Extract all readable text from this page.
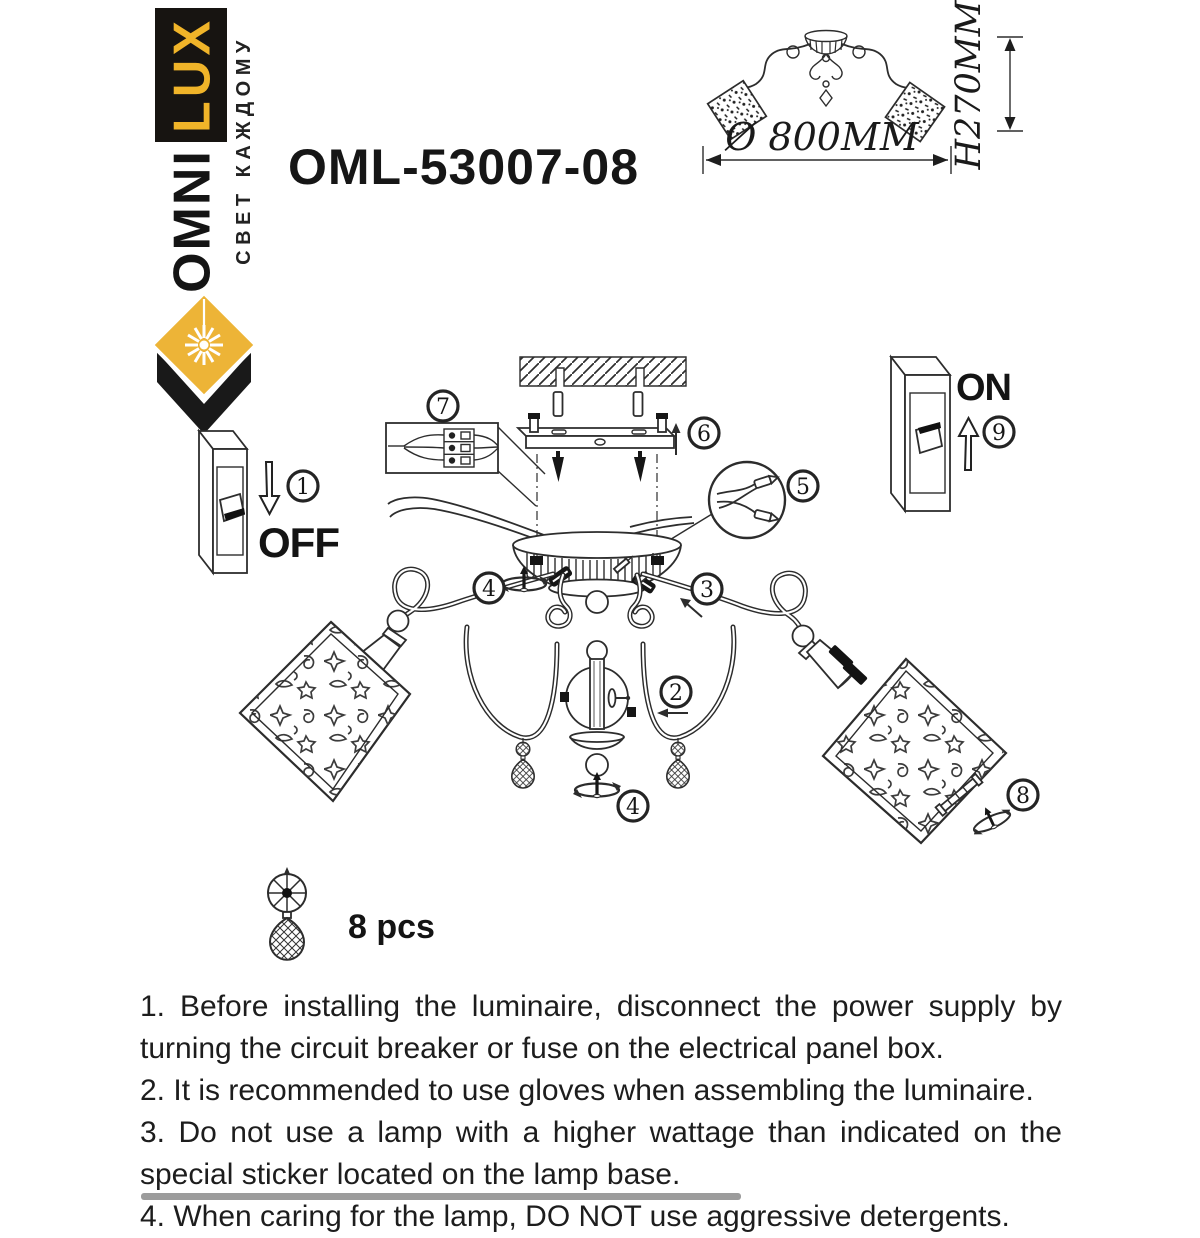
LUX
OMNI СВЕТ КАЖДОМУ	Ø 800MM H270MM
OFF
ON
8 pcs
1
2
3
4
4
5
6
7
8
9
OML-53007-08

1. Before installing the luminaire, disconnect the power supply by turning the circuit breaker or fuse on the electrical panel box.

2. It is recommended to use gloves when assembling the luminaire.

3. Do not use a lamp with a higher wattage than indicated on the special sticker located on the lamp base.

4. When caring for the lamp, DO NOT use aggressive detergents.
